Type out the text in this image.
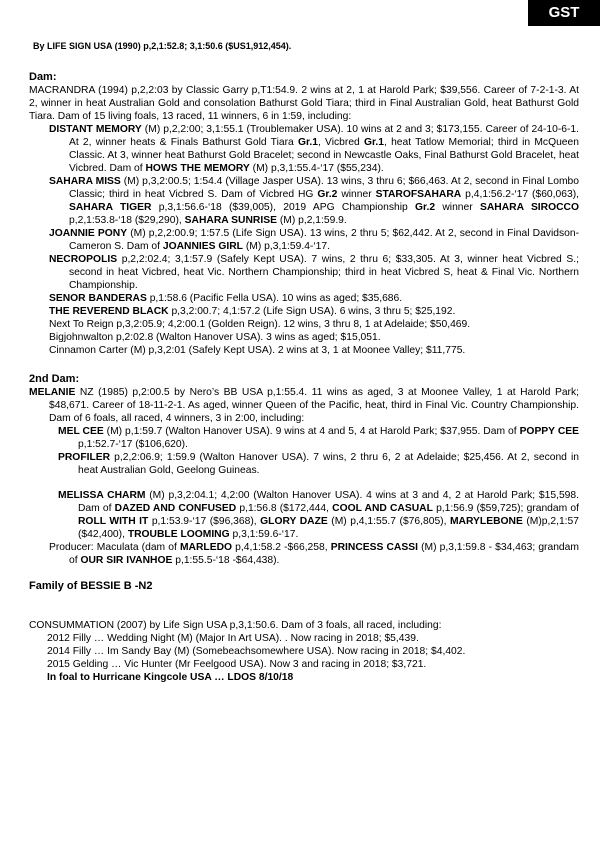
GST
By LIFE SIGN USA (1990) p,2,1:52.8; 3,1:50.6 ($US1,912,454).
Dam:
MACRANDRA (1994) p,2,2:03 by Classic Garry p,T1:54.9. 2 wins at 2, 1 at Harold Park; $39,556. Career of 7-2-1-3. At 2, winner in heat Australian Gold and consolation Bathurst Gold Tiara; third in Final Australian Gold, heat Bathurst Gold Tiara. Dam of 15 living foals, 13 raced, 11 winners, 6 in 1:59, including:
DISTANT MEMORY (M) p,2,2:00; 3,1:55.1 (Troublemaker USA). 10 wins at 2 and 3; $173,155. Career of 24-10-6-1. At 2, winner heats & Finals Bathurst Gold Tiara Gr.1, Vicbred Gr.1, heat Tatlow Memorial; third in McQueen Classic. At 3, winner heat Bathurst Gold Bracelet; second in Newcastle Oaks, Final Bathurst Gold Bracelet, heat Vicbred. Dam of HOWS THE MEMORY (M) p,3,1:55.4-‘17 ($55,234).
SAHARA MISS (M) p,3,2:00.5; 1:54.4 (Village Jasper USA). 13 wins, 3 thru 6; $66,463. At 2, second in Final Lombo Classic; third in heat Vicbred S. Dam of Vicbred HG Gr.2 winner STAROFSAHARA p,4,1:56.2-‘17 ($60,063), SAHARA TIGER p,3,1:56.6-‘18 ($39,005), 2019 APG Championship Gr.2 winner SAHARA SIROCCO p,2,1:53.8-‘18 ($29,290), SAHARA SUNRISE (M) p,2,1:59.9.
JOANNIE PONY (M) p,2,2:00.9; 1:57.5 (Life Sign USA). 13 wins, 2 thru 5; $62,442. At 2, second in Final Davidson-Cameron S. Dam of JOANNIES GIRL (M) p,3,1:59.4-‘17.
NECROPOLIS p,2,2:02.4; 3,1:57.9 (Safely Kept USA). 7 wins, 2 thru 6; $33,305. At 3, winner heat Vicbred S.; second in heat Vicbred, heat Vic. Northern Championship; third in heat Vicbred S, heat & Final Vic. Northern Championship.
SENOR BANDERAS p,1:58.6 (Pacific Fella USA). 10 wins as aged; $35,686.
THE REVEREND BLACK p,3,2:00.7; 4,1:57.2 (Life Sign USA). 6 wins, 3 thru 5; $25,192.
Next To Reign p,3,2:05.9; 4,2:00.1 (Golden Reign). 12 wins, 3 thru 8, 1 at Adelaide; $50,469.
Bigjohnwalton p,2:02.8 (Walton Hanover USA). 3 wins as aged; $15,051.
Cinnamon Carter (M) p,3,2:01 (Safely Kept USA). 2 wins at 3, 1 at Moonee Valley; $11,775.
2nd Dam:
MELANIE NZ (1985) p,2:00.5 by Nero’s BB USA p,1:55.4. 11 wins as aged, 3 at Moonee Valley, 1 at Harold Park; $48,671. Career of 18-11-2-1. As aged, winner Queen of the Pacific, heat, third in Final Vic. Country Championship. Dam of 6 foals, all raced, 4 winners, 3 in 2:00, including:
MEL CEE (M) p,1:59.7 (Walton Hanover USA). 9 wins at 4 and 5, 4 at Harold Park; $37,955. Dam of POPPY CEE p,1:52.7-‘17 ($106,620).
PROFILER p,2,2:06.9; 1:59.9 (Walton Hanover USA). 7 wins, 2 thru 6, 2 at Adelaide; $25,456. At 2, second in heat Australian Gold, Geelong Guineas.
MELISSA CHARM (M) p,3,2:04.1; 4,2:00 (Walton Hanover USA). 4 wins at 3 and 4, 2 at Harold Park; $15,598. Dam of DAZED AND CONFUSED p,1:56.8 ($172,444, COOL AND CASUAL p,1:56.9 ($59,725); grandam of ROLL WITH IT p,1:53.9-‘17 ($96,368), GLORY DAZE (M) p,4,1:55.7 ($76,805), MARYLEBONE (M)p,2,1:57 ($42,400), TROUBLE LOOMING p,3,1:59.6-‘17.
Producer: Maculata (dam of MARLEDO p,4,1:58.2 -$66,258, PRINCESS CASSI (M) p,3,1:59.8 - $34,463; grandam of OUR SIR IVANHOE p,1:55.5-‘18 -$64,438).
Family of BESSIE B -N2
CONSUMMATION (2007) by Life Sign USA p,3,1:50.6. Dam of 3 foals, all raced, including:
2012 Filly … Wedding Night (M) (Major In Art USA). . Now racing in 2018; $5,439.
2014 Filly … Im Sandy Bay (M) (Somebeachsomewhere USA). Now racing in 2018; $4,402.
2015 Gelding … Vic Hunter (Mr Feelgood USA). Now 3 and racing in 2018; $3,721.
In foal to Hurricane Kingcole USA … LDOS 8/10/18
